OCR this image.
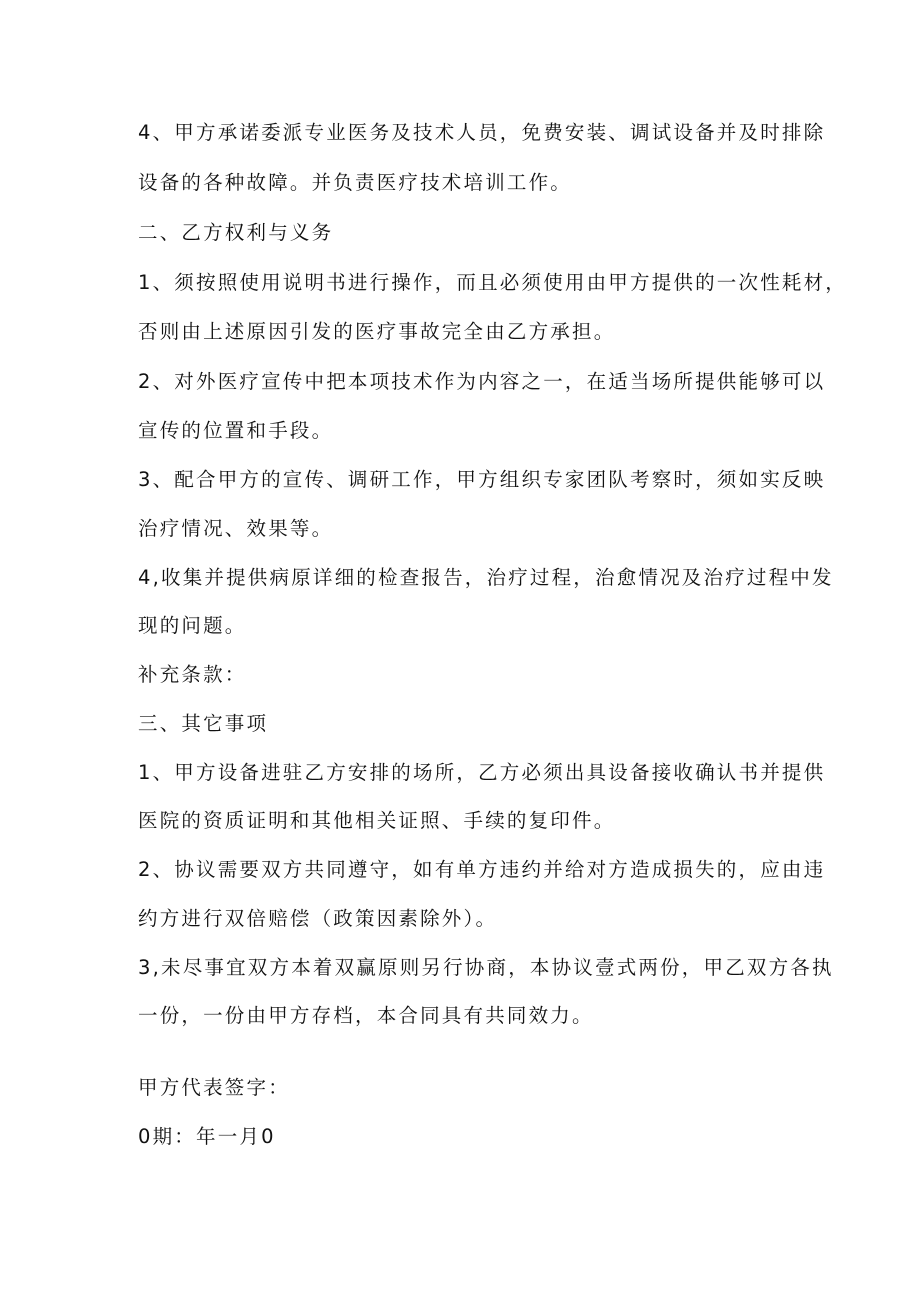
4、甲方承诺委派专业医务及技术人员，免费安装、调试设备并及时排除
设备的各种故障。并负责医疗技术培训工作。
二、乙方权利与义务
1、须按照使用说明书进行操作，而且必须使用由甲方提供的一次性耗材，
否则由上述原因引发的医疗事故完全由乙方承担。
2、对外医疗宣传中把本项技术作为内容之一，在适当场所提供能够可以
宣传的位置和手段。
3、配合甲方的宣传、调研工作，甲方组织专家团队考察时，须如实反映
治疗情况、效果等。
4,收集并提供病原详细的检查报告，治疗过程，治愈情况及治疗过程中发
现的问题。
补充条款：
三、其它事项
1、甲方设备进驻乙方安排的场所，乙方必须出具设备接收确认书并提供
医院的资质证明和其他相关证照、手续的复印件。
2、协议需要双方共同遵守，如有单方违约并给对方造成损失的，应由违
约方进行双倍赔偿（政策因素除外）。
3,未尽事宜双方本着双赢原则另行协商，本协议壹式两份，甲乙双方各执
一份，一份由甲方存档，本合同具有共同效力。
甲方代表签字：
0期：年一月0
